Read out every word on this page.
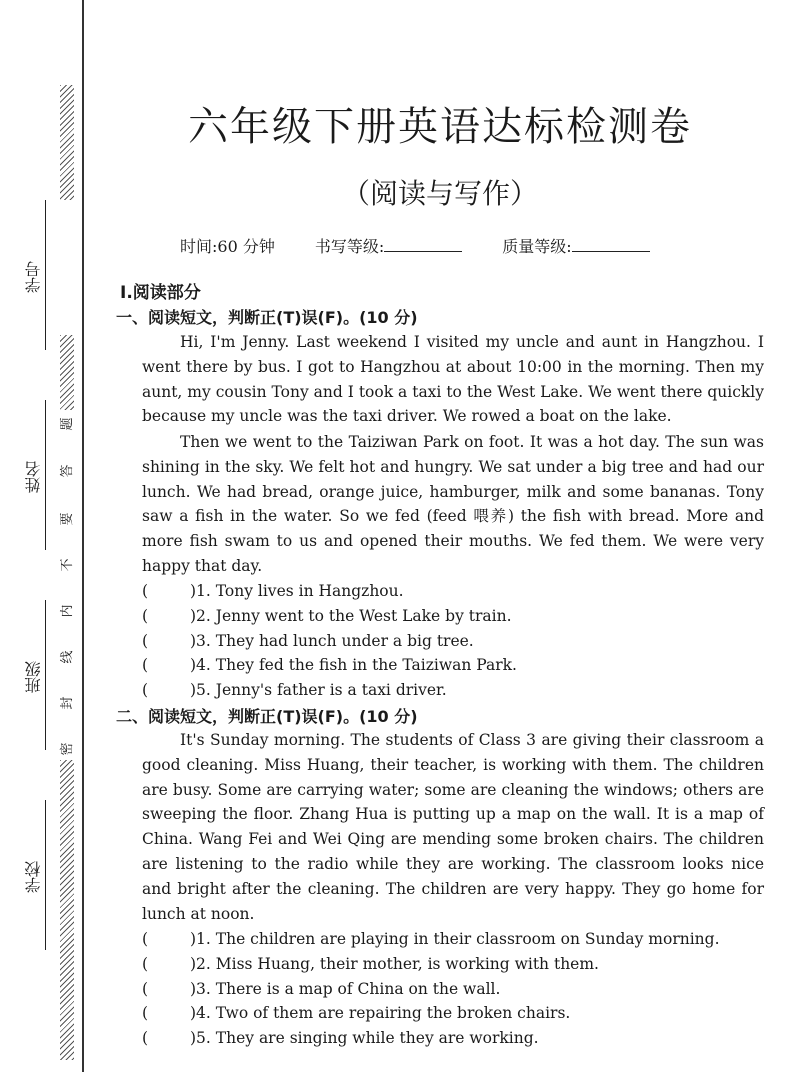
学号
姓名
班级
学校
题
答
要
不
内
线
封
密
六年级下册英语达标检测卷
（阅读与写作）
时间:60 分钟	书写等级:	质量等级:
Ⅰ.阅读部分
一、阅读短文，判断正(T)误(F)。(10 分)

Hi, I'm Jenny. Last weekend I visited my uncle and aunt in Hangzhou. I went there by bus. I got to Hangzhou at about 10:00 in the morning. Then my aunt, my cousin Tony and I took a taxi to the West Lake. We went there quickly because my uncle was the taxi driver. We rowed a boat on the lake.

Then we went to the Taiziwan Park on foot. It was a hot day. The sun was shining in the sky. We felt hot and hungry. We sat under a big tree and had our lunch. We had bread, orange juice, hamburger, milk and some bananas. Tony saw a fish in the water. So we fed (feed 喂养) the fish with bread. More and more fish swam to us and opened their mouths. We fed them. We were very happy that day.

(	)1. Tony lives in Hangzhou.
(	)2. Jenny went to the West Lake by train.
(	)3. They had lunch under a big tree.
(	)4. They fed the fish in the Taiziwan Park.
(	)5. Jenny's father is a taxi driver.
二、阅读短文，判断正(T)误(F)。(10 分)

It's Sunday morning. The students of Class 3 are giving their classroom a good cleaning. Miss Huang, their teacher, is working with them. The children are busy. Some are carrying water; some are cleaning the windows; others are sweeping the floor. Zhang Hua is putting up a map on the wall. It is a map of China. Wang Fei and Wei Qing are mending some broken chairs. The children are listening to the radio while they are working. The classroom looks nice and bright after the cleaning. The children are very happy. They go home for lunch at noon.

(	)1. The children are playing in their classroom on Sunday morning.
(	)2. Miss Huang, their mother, is working with them.
(	)3. There is a map of China on the wall.
(	)4. Two of them are repairing the broken chairs.
(	)5. They are singing while they are working.
